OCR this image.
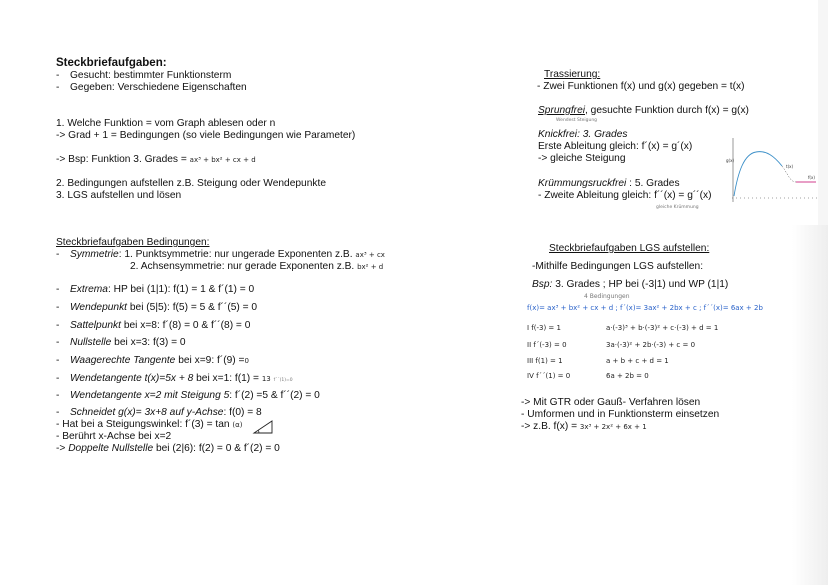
Steckbriefaufgaben:
- Gesucht: bestimmter Funktionsterm
- Gegeben: Verschiedene Eigenschaften
1. Welche Funktion = vom Graph ablesen oder n
-> Grad + 1 = Bedingungen (so viele Bedingungen wie Parameter)
-> Bsp: Funktion 3. Grades = ax³ + bx² + cx + d
2. Bedingungen aufstellen z.B. Steigung oder Wendepunkte
3. LGS aufstellen und lösen
Steckbriefaufgaben Bedingungen:
- Symmetrie: 1. Punktsymmetrie: nur ungerade Exponenten z.B. ax³ + cx
2. Achsensymmetrie: nur gerade Exponenten z.B. bx² + d
- Extrema: HP bei (1|1): f(1) = 1 & f´(1) = 0
- Wendepunkt bei (5|5): f(5) = 5 & f´´(5) = 0
- Sattelpunkt bei x=8: f´(8) = 0 & f´´(8) = 0
- Nullstelle bei x=3: f(3) = 0
- Waagerechte Tangente bei x=9: f´(9) =0
- Wendetangente t(x)=5x + 8 bei x=1: f(1) = 13 f´´(1)=0
- Wendetangente x=2 mit Steigung 5: f´(2) =5 & f´´(2) = 0
- Schneidet g(x)= 3x+8 auf y-Achse: f(0) = 8
- Hat bei a Steigungswinkel: f´(3) = tan (α)
- Berührt x-Achse bei x=2
-> Doppelte Nullstelle bei (2|6): f(2) = 0 & f´(2) = 0
Trassierung:
- Zwei Funktionen f(x) und g(x) gegeben = t(x)
Sprungfrei, gesuchte Funktion durch f(x) = g(x)
Wendest Steigung
Knickfrei: 3. Grades
Erste Ableitung gleich: f´(x) = g´(x)
-> gleiche Steigung
Krümmungsruckfrei : 5. Grades
- Zweite Ableitung gleich: f´´(x) = g´´(x)
gleiche Krümmung
g(x)
t(x)
f(x)
Steckbriefaufgaben LGS aufstellen:
-Mithilfe Bedingungen LGS aufstellen:
Bsp: 3. Grades ; HP bei (-3|1) und WP (1|1)
4 Bedingungen
f(x)= ax³ + bx² + cx + d ; f´(x)= 3ax² + 2bx + c ; f´´(x)= 6ax + 2b
I f(-3) = 1	a·(-3)³ + b·(-3)² + c·(-3) + d = 1
II f´(-3) = 0	3a·(-3)² + 2b·(-3) + c = 0
III f(1) = 1	a + b + c + d = 1
IV f´´(1) = 0	6a + 2b = 0
-> Mit GTR oder Gauß- Verfahren lösen
- Umformen und in Funktionsterm einsetzen
-> z.B. f(x) = 3x³ + 2x² + 6x + 1
